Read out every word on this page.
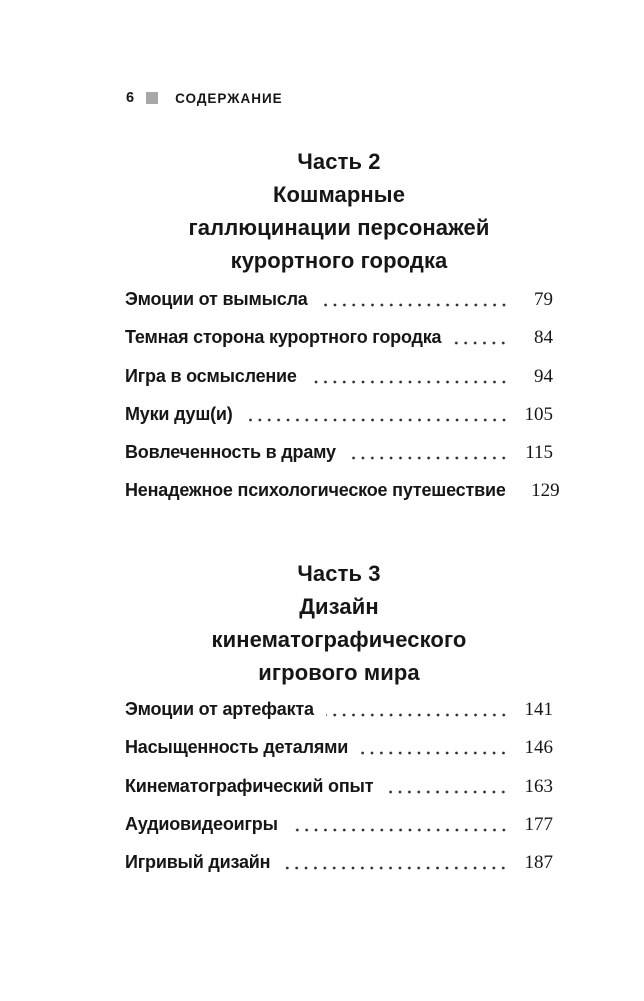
6	СОДЕРЖАНИЕ
Часть 2
Кошмарные
галлюцинации персонажей
курортного городка
Эмоции от вымысла	79
Темная сторона курортного городка	84
Игра в осмысление	94
Муки душ(и)	105
Вовлеченность в драму	115
Ненадежное психологическое путешествие 129
Часть 3
Дизайн
кинематографического
игрового мира
Эмоции от артефакта	141
Насыщенность деталями	146
Кинематографический опыт	163
Аудиовидеоигры	177
Игривый дизайн	187
